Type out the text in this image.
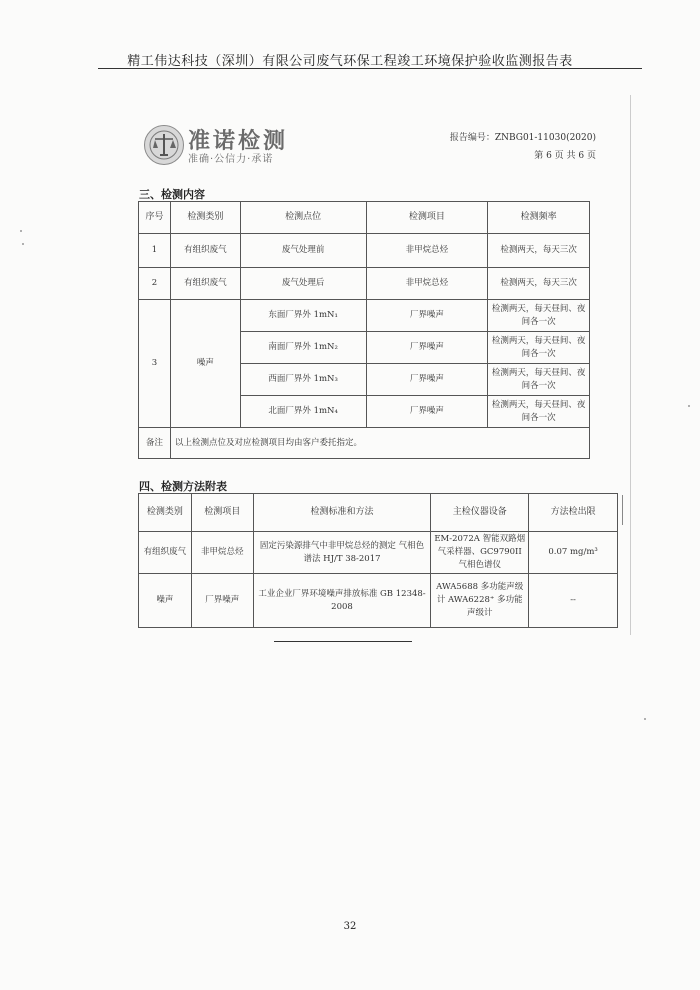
精工伟达科技（深圳）有限公司废气环保工程竣工环境保护验收监测报告表
准诺检测
准确·公信力·承诺
报告编号：ZNBG01-11030(2020)
第 6 页 共 6 页
三、检测内容
序号	检测类别	检测点位	检测项目	检测频率
1	有组织废气	废气处理前	非甲烷总烃	检测两天，每天三次
2	有组织废气	废气处理后	非甲烷总烃	检测两天，每天三次
3	噪声	东面厂界外 1mN₁	厂界噪声	检测两天，每天昼间、夜间各一次
		南面厂界外 1mN₂	厂界噪声	检测两天，每天昼间、夜间各一次
		西面厂界外 1mN₃	厂界噪声	检测两天，每天昼间、夜间各一次
		北面厂界外 1mN₄	厂界噪声	检测两天，每天昼间、夜间各一次
备注	以上检测点位及对应检测项目均由客户委托指定。			
四、检测方法附表
检测类别	检测项目	检测标准和方法	主检仪器设备	方法检出限
有组织废气	非甲烷总烃	固定污染源排气中非甲烷总烃的测定 气相色谱法 HJ/T 38-2017	EM-2072A 智能双路烟气采样器、GC9790II 气相色谱仪	0.07 mg/m³
噪声	厂界噪声	工业企业厂界环境噪声排放标准 GB 12348-2008	AWA5688 多功能声级计 AWA6228⁺ 多功能声级计	--
32
